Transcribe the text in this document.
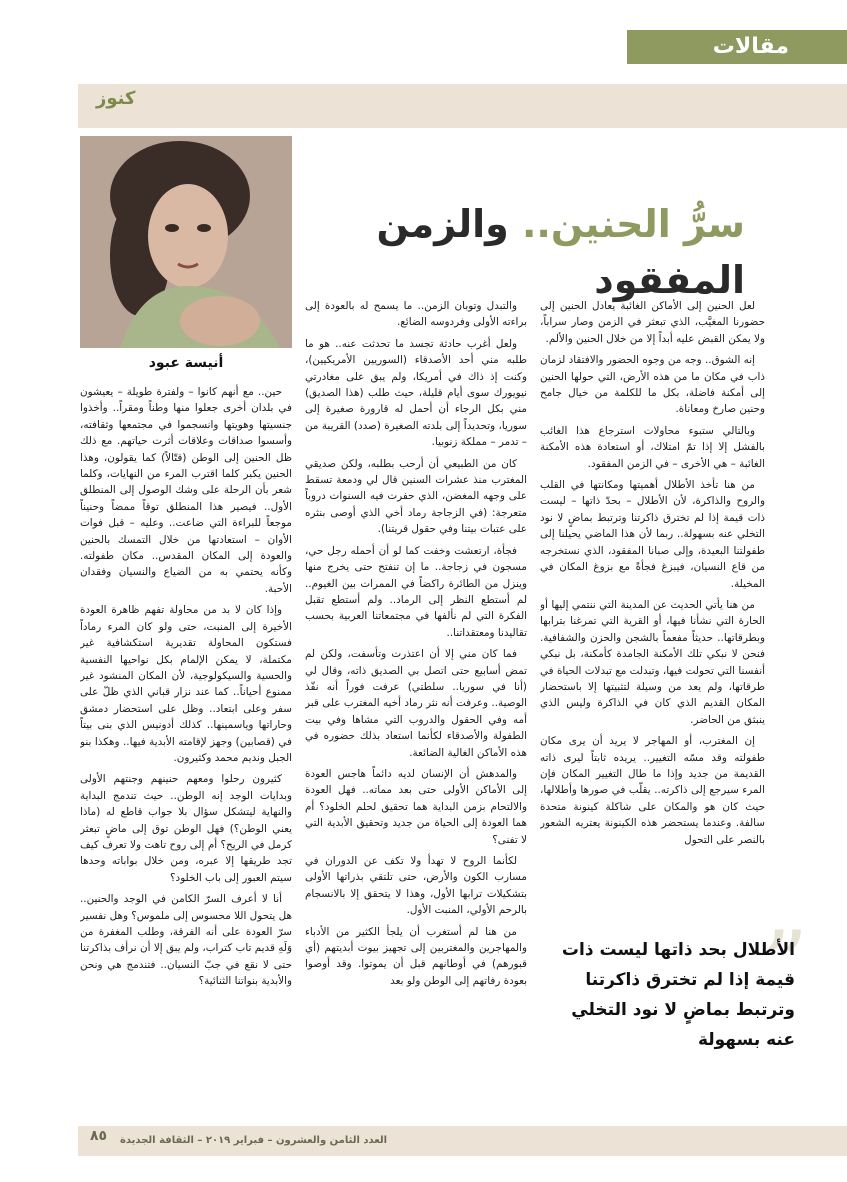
مقالات
كنوز
أنيسة عبود
سرُّ الحنين.. والزمن المفقود

لعل الحنين إلى الأماكن الغائبة يعادل الحنين إلى حضورنا المغيَّب، الذي تبعثر في الزمن وصار سراباً، ولا يمكن القبض عليه أبداً إلا من خلال الحنين والألم.

إنه الشوق.. وجه من وجوه الحضور والافتقاد لزمان ذاب في مكان ما من هذه الأرض، التي حولها الحنين إلى أمكنة فاضلة، بكل ما للكلمة من خيال جامح وحنين صارخ ومعاناة.

وبالتالي ستبوء محاولات استرجاع هذا الغائب بالفشل إلا إذا تمّ امتلاك، أو استعادة هذه الأمكنة الغائبة – هي الأخرى – في الزمن المفقود.

من هنا تأخذ الأطلال أهميتها ومكانتها في القلب والروح والذاكرة، لأن الأطلال – بحدّ ذاتها – ليست ذات قيمة إذا لم تخترق ذاكرتنا وترتبط بماضٍ لا نود التخلي عنه بسهولة.. ربما لأن هذا الماضي يحيلنا إلى طفولتنا البعيدة، وإلى صبانا المفقود، الذي نستخرجه من قاع النسيان، فيبزغ فجأةً مع بزوغ المكان في المخيلة.

من هنا يأتي الحديث عن المدينة التي ننتمي إليها أو الحارة التي نشأنا فيها، أو القرية التي تمرغنا بترابها وبطرقاتها.. حديثاً مفعماً بالشجن والحزن والشفافية. فنحن لا نبكي تلك الأمكنة الجامدة كأمكنة، بل نبكي أنفسنا التي تحولت فيها، وتبدلت مع تبدلات الحياة في طرقاتها، ولم يعد من وسيلة لتثبيتها إلا باستحضار المكان القديم الذي كان في الذاكرة وليس الذي ينبثق من الحاضر.

إن المغترب، أو المهاجر لا يريد أن يرى مكان طفولته وقد مسّه التغيير.. يريده ثابتاً ليرى ذاته القديمة من جديد وإذا ما طال التغيير المكان فإن المرء سيرجع إلى ذاكرته.. يقلّب في صورها وأطلالها، حيث كان هو والمكان على شاكلة كينونة متحدة سالفة. وعندما يستحضر هذه الكينونة يعتريه الشعور بالنصر على التحول

والتبدل وتوبان الزمن.. ما يسمح له بالعودة إلى براءته الأولى وفردوسه الضائع.

ولعل أغرب حادثة تجسد ما تحدثت عنه.. هو ما طلبه مني أحد الأصدقاء (السوريين الأمريكيين)، وكنت إذ ذاك في أمريكا، ولم يبق على مغادرتي نيويورك سوى أيام قليلة، حيث طلب (هذا الصديق) مني بكل الرجاء أن أحمل له قارورة صغيرة إلى سوريا، وتحديداً إلى بلدته الصغيرة (صدد) القريبة من – تدمر – مملكة زنوبيا.

كان من الطبيعي أن أرحب بطلبه، ولكن صديقي المغترب منذ عشرات السنين قال لي ودمعة تسقط على وجهه المغضن، الذي حفرت فيه السنوات دروباً متعرجة: (في الزجاجة رماد أخي الذي أوصى بنثره على عتبات بيتنا وفي حقول قريتنا).

فجأة، ارتعشت وخفت كما لو أن أحمله رجل حي، مسجون في زجاجة.. ما إن تنفتح حتى يخرج منها وينزل من الطائرة راكضاً في الممرات بين الغيوم.. لم أستطع النظر إلى الرماد.. ولم أستطع تقبل الفكرة التي لم نألفها في مجتمعاتنا العربية بحسب تقاليدنا ومعتقداتنا..

فما كان مني إلا أن اعتذرت وتأسفت، ولكن لم تمض أسابيع حتى اتصل بي الصديق ذاته، وقال لي (أنا في سوريا.. سلطتي) عرفت فوراً أنه نفّذ الوصية.. وعرفت أنه نثر رماد أخيه المغترب على قبر أمه وفي الحقول والدروب التي مشاها وفي بيت الطفولة والأصدقاء لكأنما استعاد بذلك حضوره في هذه الأماكن الغالية الضائعة.

والمدهش أن الإنسان لديه دائماً هاجس العودة إلى الأماكن الأولى حتى بعد مماته.. فهل العودة والالتحام بزمن البداية هما تحقيق لحلم الخلود؟ أم هما العودة إلى الحياة من جديد وتحقيق الأبدية التي لا تفنى؟

لكأنما الروح لا تهدأ ولا تكف عن الدوران في مسارب الكون والأرض، حتى تلتقي بذراتها الأولى بتشكيلات ترابها الأول، وهذا لا يتحقق إلا بالانسجام بالرحم الأولي، المنبت الأول.

من هنا لم أستغرب أن يلجأ الكثير من الأدباء والمهاجرين والمغتربين إلى تجهيز بيوت أبديتهم (أي قبورهم) في أوطانهم قبل أن يموتوا. وقد أوصوا بعودة رفاتهم إلى الوطن ولو بعد

حين.. مع أنهم كانوا – ولفترة طويلة – يعيشون في بلدان أخرى جعلوا منها وطناً ومقراً.. وأخذوا جنسيتها وهويتها وانسجموا في مجتمعها وثقافته، وأسسوا صداقات وعلاقات أثرت حياتهم. مع ذلك ظل الحنين إلى الوطن (قتّالاً) كما يقولون، وهذا الحنين يكبر كلما اقترب المرء من النهايات، وكلما شعر بأن الرحلة على وشك الوصول إلى المنطلق الأول.. فيصير هذا المنطلق توقاً ممضاً وحنيناً موجعاً للبراءة التي ضاعت.. وعليه – قبل فوات الأوان – استعادتها من خلال التمسك بالحنين والعودة إلى المكان المقدس.. مكان طفولته. وكأنه يحتمي به من الضياع والنسيان وفقدان الأحبة.

وإذا كان لا بد من محاولة تفهم ظاهرة العودة الأخيرة إلى المنبت، حتى ولو كان المرء رماداً فستكون المحاولة تقديرية استكشافية غير مكتملة، لا يمكن الإلمام بكل نواحيها النفسية والحسية والسيكولوجية، لأن المكان المنشود غير ممنوع أحياناً.. كما عند نزار قباني الذي ظلّ على سفر وعلى ابتعاد.. وظل على استحضار دمشق وحاراتها وياسمينها.. كذلك أدونيس الذي بنى بيتاً في (قصابين) وجهز لإقامته الأبدية فيها.. وهكذا بنو الجبل ونديم محمد وكثيرون.

كثيرون رحلوا ومعهم حنينهم وجنتهم الأولى وبدايات الوجد إنه الوطن.. حيث تندمج البداية والنهاية ليتشكل سؤال بلا جواب قاطع له (ماذا يعني الوطن؟) فهل الوطن توق إلى ماضٍ تبعثر كرمل في الريح؟ أم إلى روح تاهت ولا تعرف كيف تجد طريقها إلا عبره، ومن خلال بواباته وحدها سيتم العبور إلى باب الخلود؟

أنا لا أعرف السرّ الكامن في الوجد والحنين.. هل يتحول اللا محسوس إلى ملموس؟ وهل نفسير سرّ العودة على أنه الفرقة، وطلب المغفرة من وَلَهِ قديم تاب كتراب، ولم يبق إلا أن نرأف بذاكرتنا حتى لا نقع في جبّ النسيان.. فتندمج هي ونحن والأبدية بنواتنا الثنائية؟	”
الأطلال بحد ذاتها ليست ذات قيمة إذا لم تخترق ذاكرتنا وترتبط بماضٍ لا نود التخلي عنه بسهولة
٨٥ العدد الثامن والعشرون – فبراير ٢٠١٩ – الثقافة الجديدة
